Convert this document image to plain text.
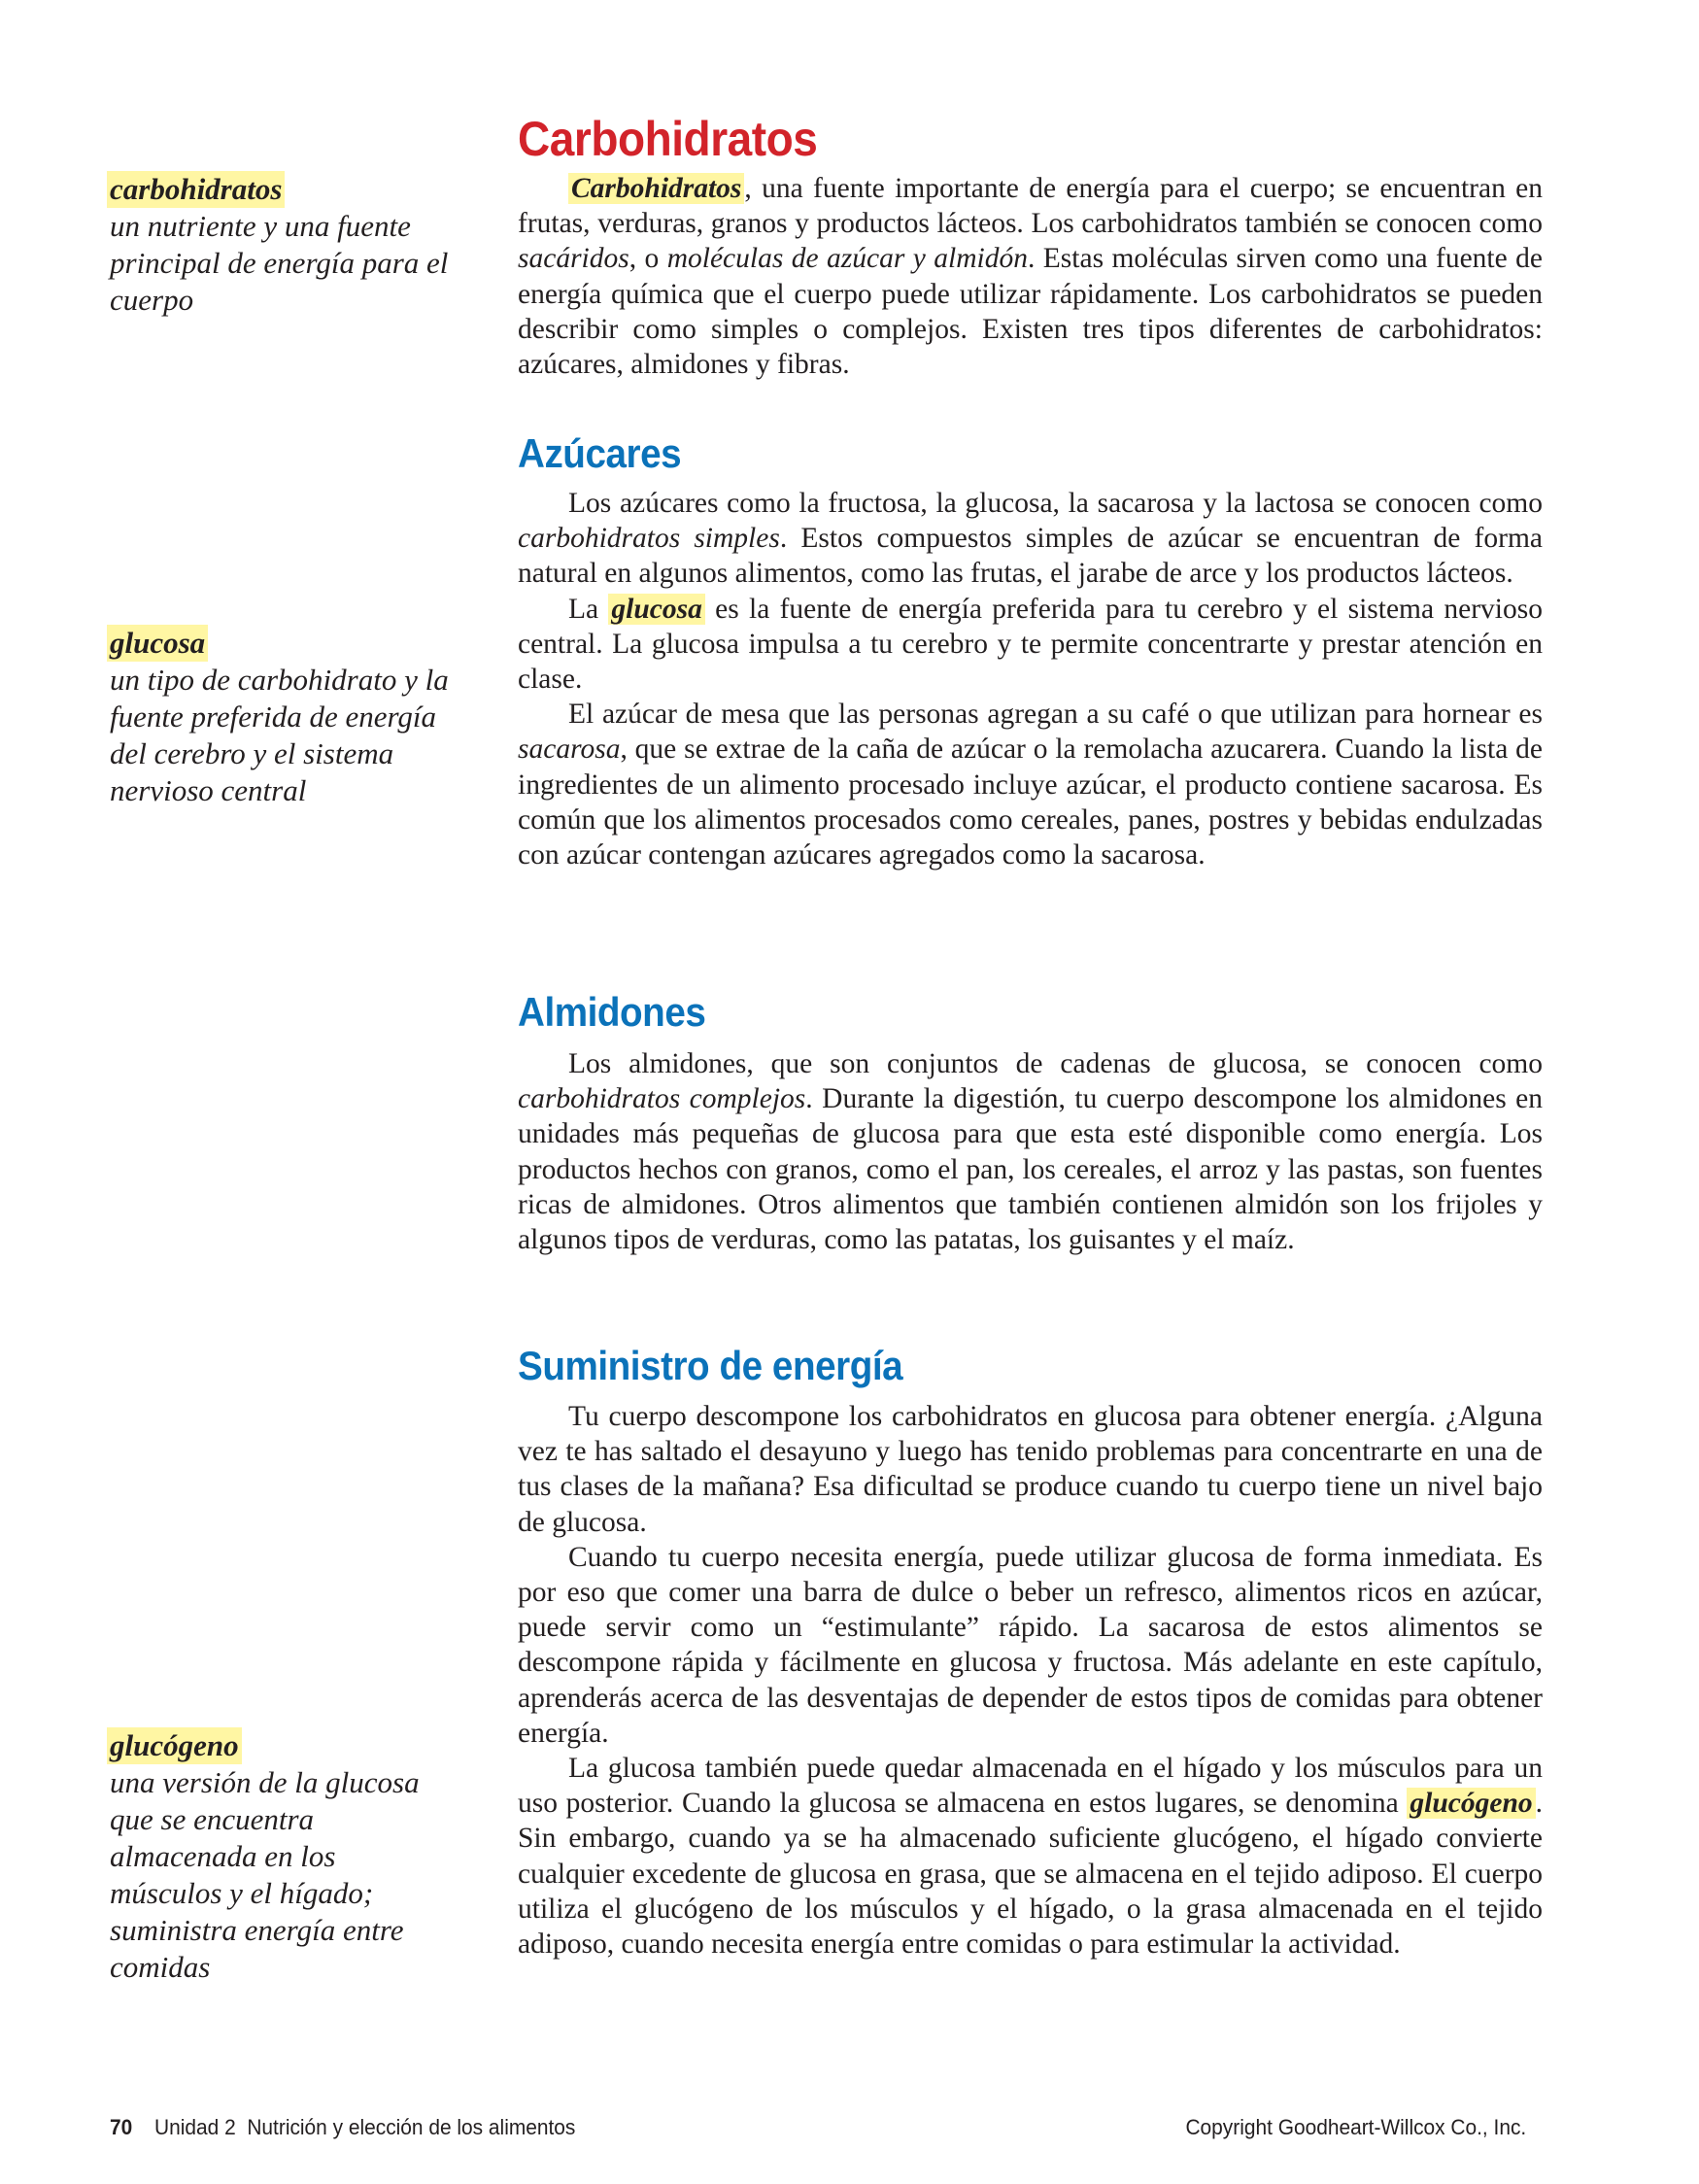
carbohidratos
un nutriente y una fuente principal de energía para el cuerpo
glucosa
un tipo de carbohidrato y la fuente preferida de energía del cerebro y el sistema nervioso central
glucógeno
una versión de la glucosa que se encuentra almacenada en los músculos y el hígado; suministra energía entre comidas
Carbohidratos

Carbohidratos , una fuente importante de energía para el cuerpo; se encuentran en frutas, verduras, granos y productos lácteos. Los carbohidratos también se conocen como sacáridos, o moléculas de azúcar y almidón. Estas moléculas sirven como una fuente de energía química que el cuerpo puede utilizar rápidamente. Los carbohidratos se pueden describir como simples o complejos. Existen tres tipos diferentes de carbohidratos: azúcares, almidones y fibras.

Azúcares

Los azúcares como la fructosa, la glucosa, la sacarosa y la lactosa se conocen como carbohidratos simples. Estos compuestos simples de azúcar se encuentran de forma natural en algunos alimentos, como las frutas, el jarabe de arce y los productos lácteos.

La glucosa es la fuente de energía preferida para tu cerebro y el sistema nervioso central. La glucosa impulsa a tu cerebro y te permite concentrarte y prestar atención en clase.

El azúcar de mesa que las personas agregan a su café o que utilizan para hornear es sacarosa, que se extrae de la caña de azúcar o la remolacha azucarera. Cuando la lista de ingredientes de un alimento procesado incluye azúcar, el producto contiene sacarosa. Es común que los alimentos procesados como cereales, panes, postres y bebidas endulzadas con azúcar contengan azúcares agregados como la sacarosa.

Almidones

Los almidones, que son conjuntos de cadenas de glucosa, se conocen como carbohidratos complejos. Durante la digestión, tu cuerpo descompone los almidones en unidades más pequeñas de glucosa para que esta esté disponible como energía. Los productos hechos con granos, como el pan, los cereales, el arroz y las pastas, son fuentes ricas de almidones. Otros alimentos que también contienen almidón son los frijoles y algunos tipos de verduras, como las patatas, los guisantes y el maíz.

Suministro de energía

Tu cuerpo descompone los carbohidratos en glucosa para obtener energía. ¿Alguna vez te has saltado el desayuno y luego has tenido problemas para concentrarte en una de tus clases de la mañana? Esa dificultad se produce cuando tu cuerpo tiene un nivel bajo de glucosa.

Cuando tu cuerpo necesita energía, puede utilizar glucosa de forma inmediata. Es por eso que comer una barra de dulce o beber un refresco, alimentos ricos en azúcar, puede servir como un “estimulante” rápido. La sacarosa de estos alimentos se descompone rápida y fácilmente en glucosa y fructosa. Más adelante en este capítulo, aprenderás acerca de las desventajas de depender de estos tipos de comidas para obtener energía.

La glucosa también puede quedar almacenada en el hígado y los músculos para un uso posterior. Cuando la glucosa se almacena en estos lugares, se denomina glucógeno . Sin embargo, cuando ya se ha almacenado suficiente glucógeno, el hígado convierte cualquier excedente de glucosa en grasa, que se almacena en el tejido adiposo. El cuerpo utiliza el glucógeno de los músculos y el hígado, o la grasa almacenada en el tejido adiposo, cuando necesita energía entre comidas o para estimular la actividad.

70 Unidad 2  Nutrición y elección de los alimentos	Copyright Goodheart-Willcox Co., Inc.
